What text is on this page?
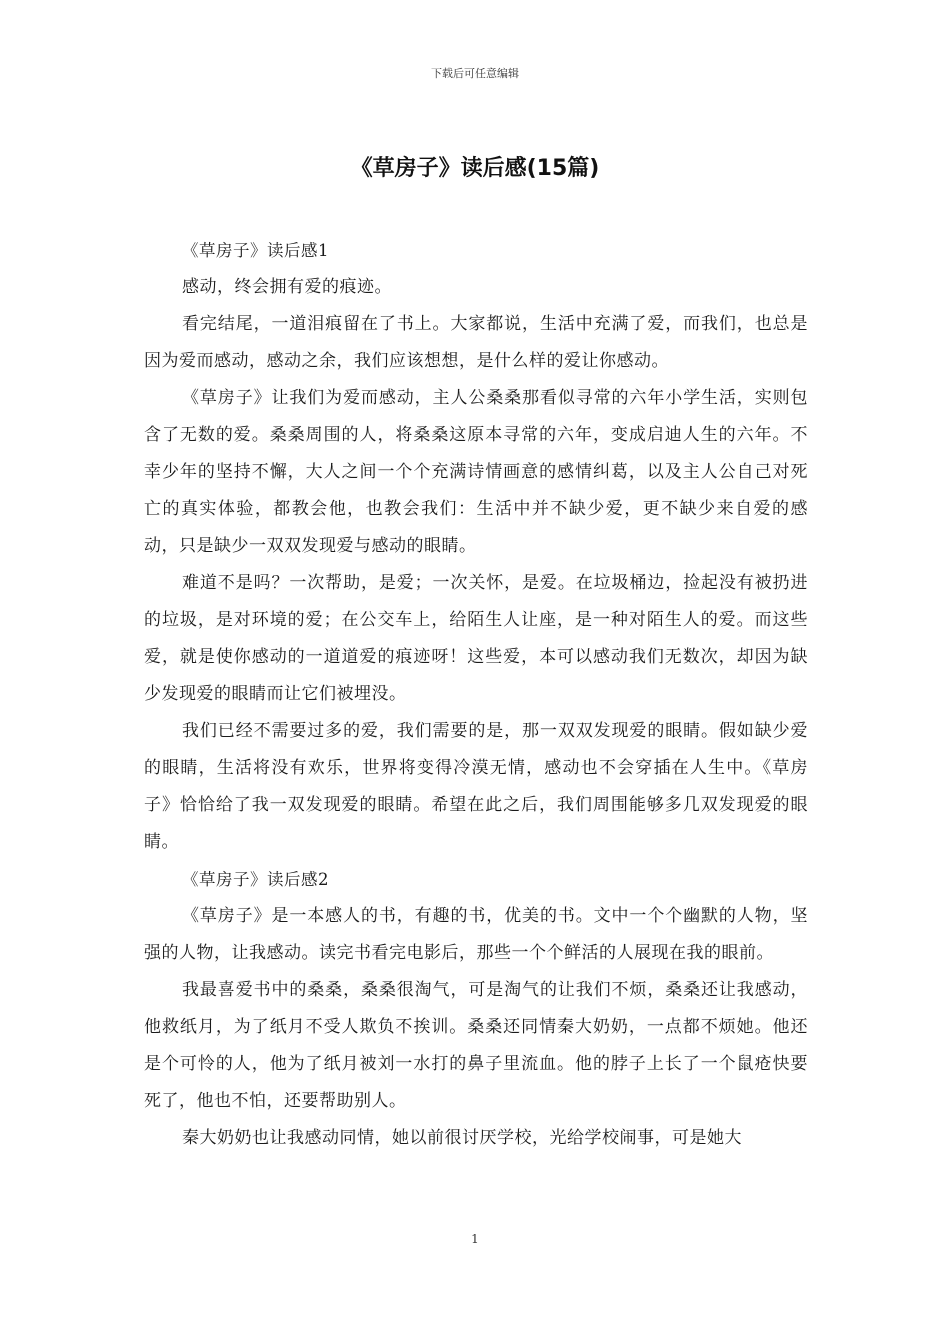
下载后可任意编辑
《草房子》读后感(15篇)

《草房子》读后感1

感动，终会拥有爱的痕迹。

看完结尾，一道泪痕留在了书上。大家都说，生活中充满了爱，而我们，也总是因为爱而感动，感动之余，我们应该想想，是什么样的爱让你感动。

《草房子》让我们为爱而感动，主人公桑桑那看似寻常的六年小学生活，实则包含了无数的爱。桑桑周围的人，将桑桑这原本寻常的六年，变成启迪人生的六年。不幸少年的坚持不懈，大人之间一个个充满诗情画意的感情纠葛，以及主人公自己对死亡的真实体验，都教会他，也教会我们：生活中并不缺少爱，更不缺少来自爱的感动，只是缺少一双双发现爱与感动的眼睛。

难道不是吗？一次帮助，是爱；一次关怀，是爱。在垃圾桶边，捡起没有被扔进的垃圾，是对环境的爱；在公交车上，给陌生人让座，是一种对陌生人的爱。而这些爱，就是使你感动的一道道爱的痕迹呀！这些爱，本可以感动我们无数次，却因为缺少发现爱的眼睛而让它们被埋没。

我们已经不需要过多的爱，我们需要的是，那一双双发现爱的眼睛。假如缺少爱的眼睛，生活将没有欢乐，世界将变得冷漠无情，感动也不会穿插在人生中。《草房子》恰恰给了我一双发现爱的眼睛。希望在此之后，我们周围能够多几双发现爱的眼睛。

《草房子》读后感2

《草房子》是一本感人的书，有趣的书，优美的书。文中一个个幽默的人物，坚强的人物，让我感动。读完书看完电影后，那些一个个鲜活的人展现在我的眼前。

我最喜爱书中的桑桑，桑桑很淘气，可是淘气的让我们不烦，桑桑还让我感动，他救纸月，为了纸月不受人欺负不挨训。桑桑还同情秦大奶奶，一点都不烦她。他还是个可怜的人，他为了纸月被刘一水打的鼻子里流血。他的脖子上长了一个鼠疮快要死了，他也不怕，还要帮助别人。

秦大奶奶也让我感动同情，她以前很讨厌学校，光给学校闹事，可是她大

1
